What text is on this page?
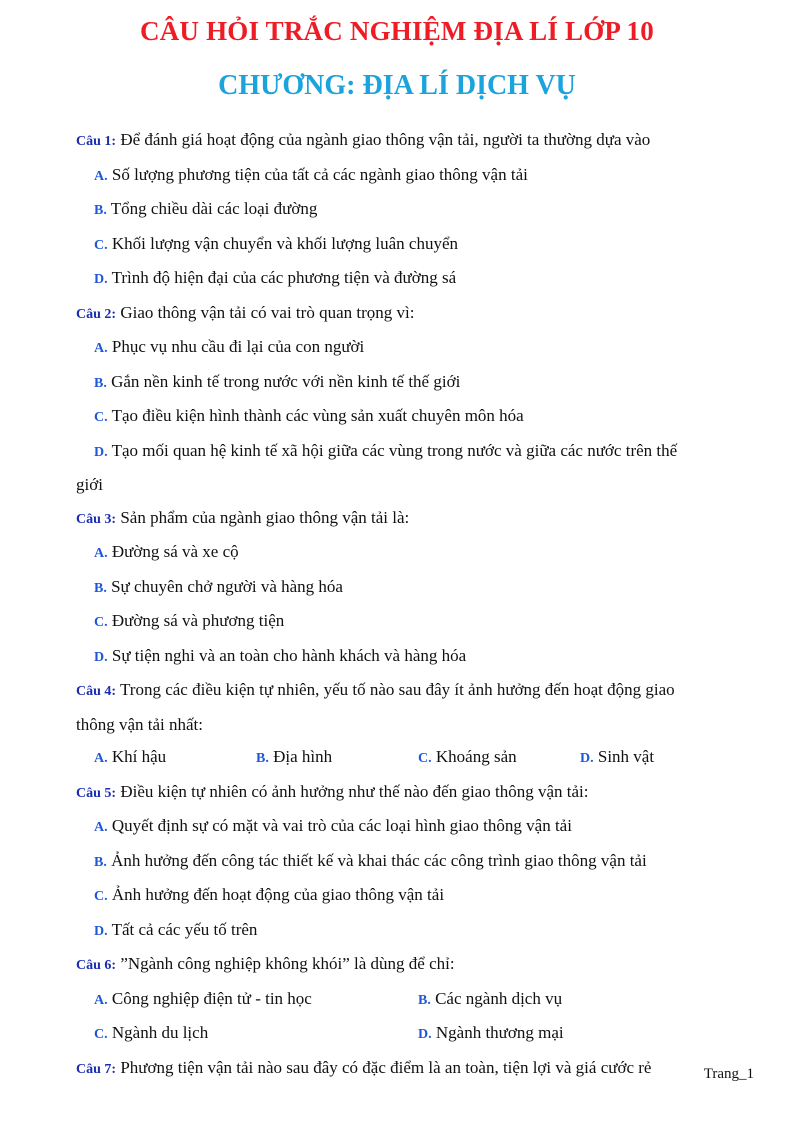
CÂU HỎI TRẮC NGHIỆM ĐỊA LÍ LỚP 10
CHƯƠNG: ĐỊA LÍ DỊCH VỤ
Câu 1: Để đánh giá hoạt động của ngành giao thông vận tải, người ta thường dựa vào
A. Số lượng phương tiện của tất cả các ngành giao thông vận tải
B. Tổng chiều dài các loại đường
C. Khối lượng vận chuyển và khối lượng luân chuyển
D. Trình độ hiện đại của các phương tiện và đường sá
Câu 2: Giao thông vận tải có vai trò quan trọng vì:
A. Phục vụ nhu cầu đi lại của con người
B. Gắn nền kinh tế trong nước với nền kinh tế thế giới
C. Tạo điều kiện hình thành các vùng sản xuất chuyên môn hóa
D. Tạo mối quan hệ kinh tế xã hội giữa các vùng trong nước và giữa các nước trên thế
giới
Câu 3: Sản phẩm của ngành giao thông vận tải là:
A. Đường sá và xe cộ
B. Sự chuyên chở người và hàng hóa
C. Đường sá và phương tiện
D. Sự tiện nghi và an toàn cho hành khách và hàng hóa
Câu 4: Trong các điều kiện tự nhiên, yếu tố nào sau đây ít ảnh hưởng đến hoạt động giao
thông vận tải nhất:
A. Khí hậu	B. Địa hình	C. Khoáng sản	D. Sinh vật
Câu 5: Điều kiện tự nhiên có ảnh hưởng như thế nào đến giao thông vận tải:
A. Quyết định sự có mặt và vai trò của các loại hình giao thông vận tải
B. Ảnh hưởng đến công tác thiết kế và khai thác các công trình giao thông vận tải
C. Ảnh hưởng đến hoạt động của giao thông vận tải
D. Tất cả các yếu tố trên
Câu 6: ”Ngành công nghiệp không khói” là dùng để chỉ:
A. Công nghiệp điện tử - tin học	B. Các ngành dịch vụ
C. Ngành du lịch	D. Ngành thương mại
Câu 7: Phương tiện vận tải nào sau đây có đặc điểm là an toàn, tiện lợi và giá cước rẻ	Trang_1
